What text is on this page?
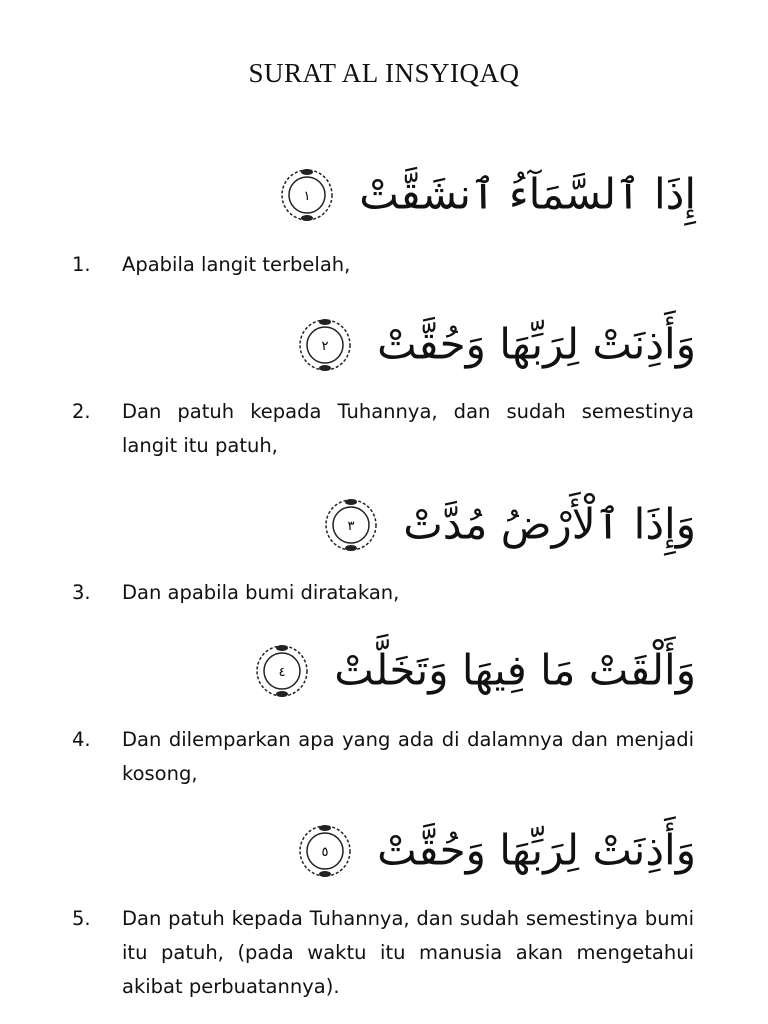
SURAT AL INSYIQAQ
إِذَا ٱلسَّمَآءُ ٱنشَقَّتْ
١
1. Apabila langit terbelah,
وَأَذِنَتْ لِرَبِّهَا وَحُقَّتْ
٢
2. Dan patuh kepada Tuhannya, dan sudah semestinya langit itu patuh,
وَإِذَا ٱلْأَرْضُ مُدَّتْ
٣
3. Dan apabila bumi diratakan,
وَأَلْقَتْ مَا فِيهَا وَتَخَلَّتْ
٤
4. Dan dilemparkan apa yang ada di dalamnya dan menjadi kosong,
وَأَذِنَتْ لِرَبِّهَا وَحُقَّتْ
٥
5. Dan patuh kepada Tuhannya, dan sudah semestinya bumi itu patuh, (pada waktu itu manusia akan mengetahui akibat perbuatannya).
